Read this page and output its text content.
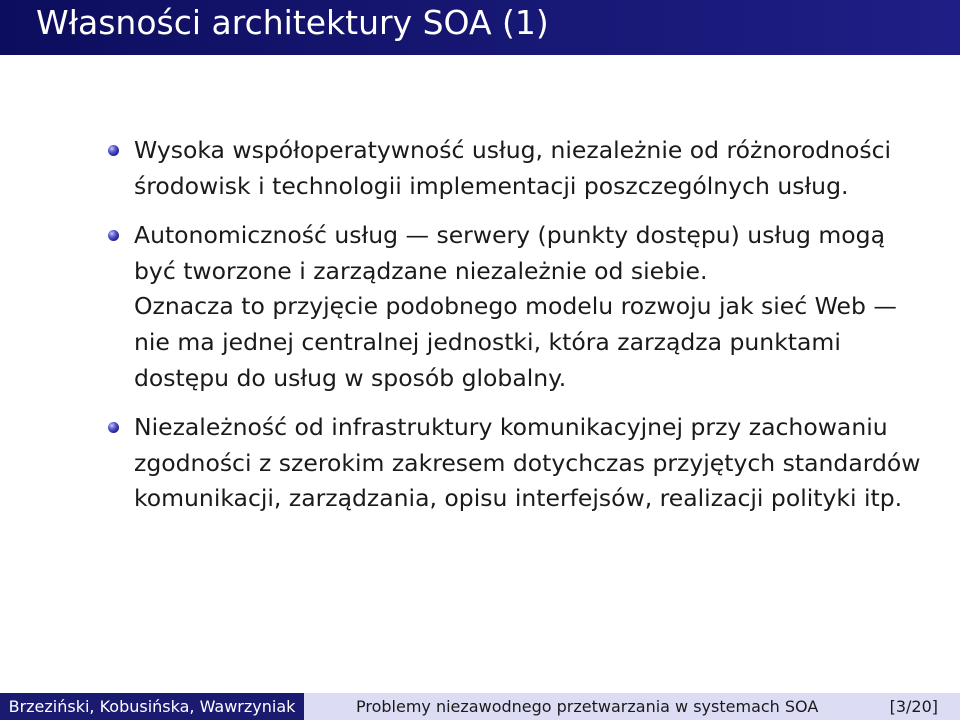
Własności architektury SOA (1)
Wysoka współoperatywność usług, niezależnie od różnorodności środowisk i technologii implementacji poszczególnych usług.
Autonomiczność usług — serwery (punkty dostępu) usług mogą być tworzone i zarządzane niezależnie od siebie.
Oznacza to przyjęcie podobnego modelu rozwoju jak sieć Web — nie ma jednej centralnej jednostki, która zarządza punktami dostępu do usług w sposób globalny.
Niezależność od infrastruktury komunikacyjnej przy zachowaniu zgodności z szerokim zakresem dotychczas przyjętych standardów komunikacji, zarządzania, opisu interfejsów, realizacji polityki itp.
Brzeziński, Kobusińska, Wawrzyniak	Problemy niezawodnego przetwarzania w systemach SOA	[3/20]
